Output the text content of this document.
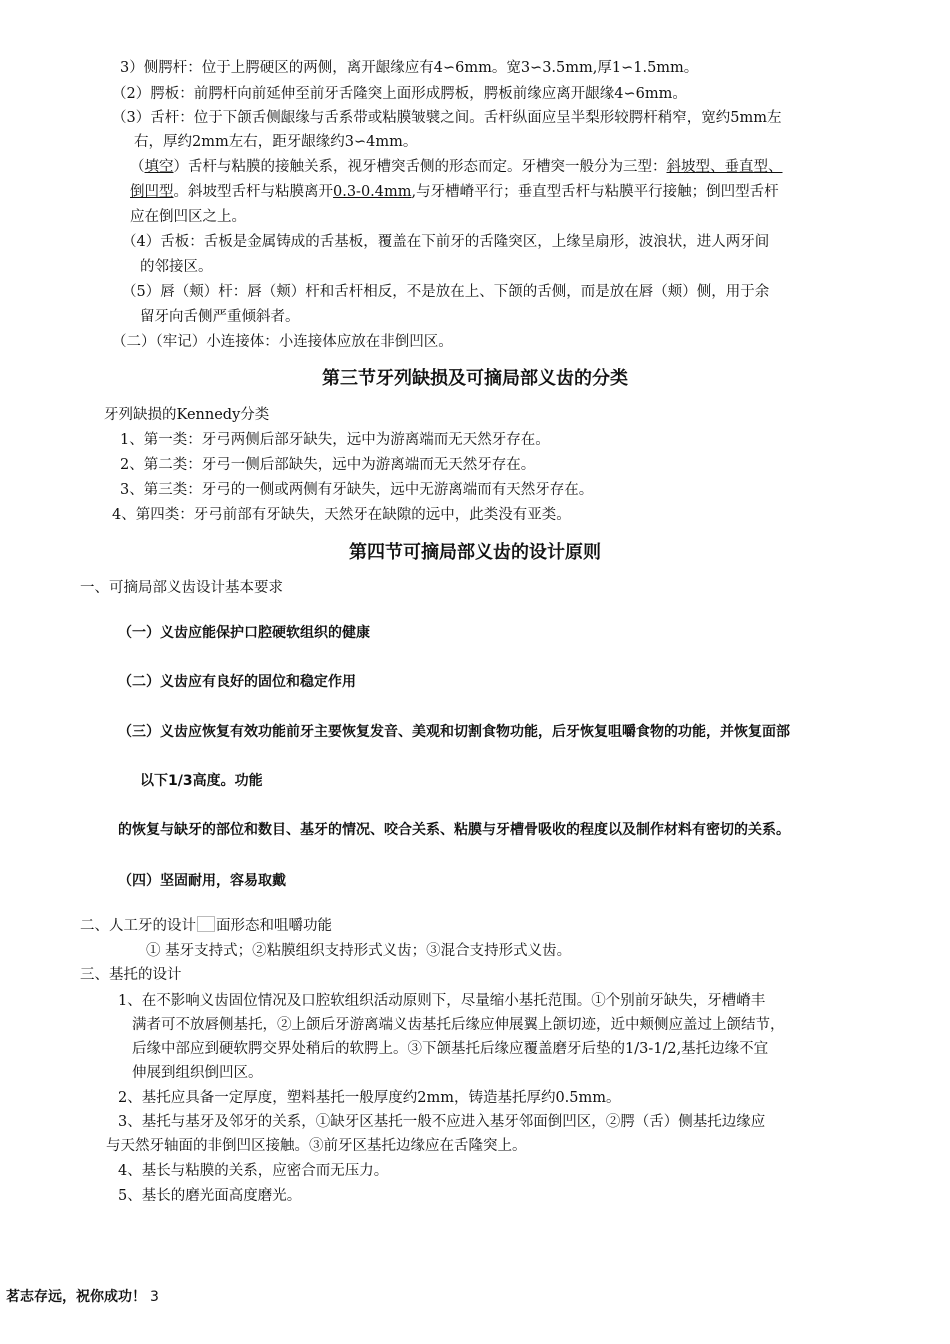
3）侧腭杆：位于上腭硬区的两侧，离开龈缘应有4∽6mm。宽3∽3.5mm,厚1∽1.5mm。
（2）腭板：前腭杆向前延伸至前牙舌隆突上面形成腭板，腭板前缘应离开龈缘4∽6mm。
（3）舌杆：位于下颌舌侧龈缘与舌系带或粘膜皱襞之间。舌杆纵面应呈半梨形较腭杆稍窄，宽约5mm左
右，厚约2mm左右，距牙龈缘约3∽4mm。
（填空）舌杆与粘膜的接触关系，视牙槽突舌侧的形态而定。牙槽突一般分为三型：斜坡型、垂直型、
倒凹型。斜坡型舌杆与粘膜离开0.3-0.4mm,与牙槽嵴平行；垂直型舌杆与粘膜平行接触；倒凹型舌杆
应在倒凹区之上。
（4）舌板：舌板是金属铸成的舌基板，覆盖在下前牙的舌隆突区，上缘呈扇形，波浪状，进人两牙间
的邻接区。
（5）唇（颊）杆：唇（颊）杆和舌杆相反，不是放在上、下颌的舌侧，而是放在唇（颊）侧，用于余
留牙向舌侧严重倾斜者。
（二）（牢记）小连接体：小连接体应放在非倒凹区。
第三节牙列缺损及可摘局部义齿的分类
牙列缺损的Kennedy分类
1、第一类：牙弓两侧后部牙缺失，远中为游离端而无天然牙存在。
2、第二类：牙弓一侧后部缺失，远中为游离端而无天然牙存在。
3、第三类：牙弓的一侧或两侧有牙缺失，远中无游离端而有天然牙存在。
4、第四类：牙弓前部有牙缺失，天然牙在缺隙的远中，此类没有亚类。
第四节可摘局部义齿的设计原则
一、可摘局部义齿设计基本要求
（一）义齿应能保护口腔硬软组织的健康
（二）义齿应有良好的固位和稳定作用
（三）义齿应恢复有效功能前牙主要恢复发音、美观和切割食物功能，后牙恢复咀嚼食物的功能，并恢复面部
以下1/3高度。功能
的恢复与缺牙的部位和数目、基牙的情况、咬合关系、粘膜与牙槽骨吸收的程度以及制作材料有密切的关系。
（四）坚固耐用，容易取戴
二、人工牙的设计 面形态和咀嚼功能
① 基牙支持式；②粘膜组织支持形式义齿；③混合支持形式义齿。
三、基托的设计
1、在不影响义齿固位情况及口腔软组织活动原则下，尽量缩小基托范围。①个别前牙缺失，牙槽嵴丰
满者可不放唇侧基托，②上颌后牙游离端义齿基托后缘应伸展翼上颌切迹，近中颊侧应盖过上颌结节，
后缘中部应到硬软腭交界处稍后的软腭上。③下颌基托后缘应覆盖磨牙后垫的1/3-1/2,基托边缘不宜
伸展到组织倒凹区。
2、基托应具备一定厚度，塑料基托一般厚度约2mm，铸造基托厚约0.5mm。
3、基托与基牙及邻牙的关系，①缺牙区基托一般不应进入基牙邻面倒凹区，②腭（舌）侧基托边缘应
与天然牙轴面的非倒凹区接触。③前牙区基托边缘应在舌隆突上。
4、基长与粘膜的关系，应密合而无压力。
5、基长的磨光面高度磨光。
茗志存远，祝你成功！ 3
